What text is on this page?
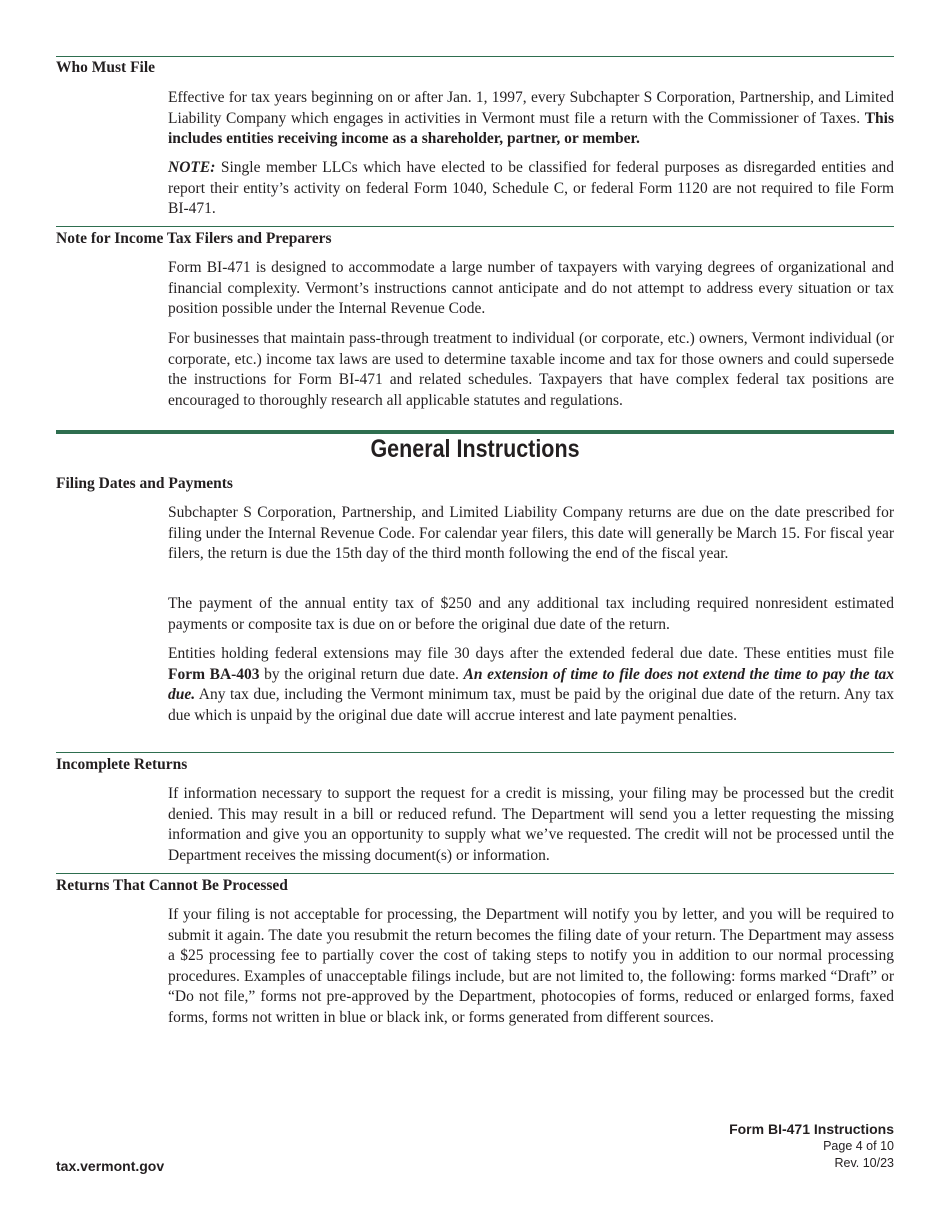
Who Must File

Effective for tax years beginning on or after Jan. 1, 1997, every Subchapter S Corporation, Partnership, and Limited Liability Company which engages in activities in Vermont must file a return with the Commissioner of Taxes. This includes entities receiving income as a shareholder, partner, or member.

NOTE: Single member LLCs which have elected to be classified for federal purposes as disregarded entities and report their entity’s activity on federal Form 1040, Schedule C, or federal Form 1120 are not required to file Form BI-471.

Note for Income Tax Filers and Preparers

Form BI-471 is designed to accommodate a large number of taxpayers with varying degrees of organizational and financial complexity. Vermont’s instructions cannot anticipate and do not attempt to address every situation or tax position possible under the Internal Revenue Code.

For businesses that maintain pass-through treatment to individual (or corporate, etc.) owners, Vermont individual (or corporate, etc.) income tax laws are used to determine taxable income and tax for those owners and could supersede the instructions for Form BI-471 and related schedules. Taxpayers that have complex federal tax positions are encouraged to thoroughly research all applicable statutes and regulations.

General Instructions
Filing Dates and Payments

Subchapter S Corporation, Partnership, and Limited Liability Company returns are due on the date prescribed for filing under the Internal Revenue Code. For calendar year filers, this date will generally be March 15. For fiscal year filers, the return is due the 15th day of the third month following the end of the fiscal year.

The payment of the annual entity tax of $250 and any additional tax including required nonresident estimated payments or composite tax is due on or before the original due date of the return.

Entities holding federal extensions may file 30 days after the extended federal due date. These entities must file Form BA-403 by the original return due date. An extension of time to file does not extend the time to pay the tax due. Any tax due, including the Vermont minimum tax, must be paid by the original due date of the return. Any tax due which is unpaid by the original due date will accrue interest and late payment penalties.

Incomplete Returns

If information necessary to support the request for a credit is missing, your filing may be processed but the credit denied. This may result in a bill or reduced refund. The Department will send you a letter requesting the missing information and give you an opportunity to supply what we’ve requested. The credit will not be processed until the Department receives the missing document(s) or information.

Returns That Cannot Be Processed

If your filing is not acceptable for processing, the Department will notify you by letter, and you will be required to submit it again. The date you resubmit the return becomes the filing date of your return. The Department may assess a $25 processing fee to partially cover the cost of taking steps to notify you in addition to our normal processing procedures. Examples of unacceptable filings include, but are not limited to, the following: forms marked “Draft” or “Do not file,” forms not pre-approved by the Department, photocopies of forms, reduced or enlarged forms, faxed forms, forms not written in blue or black ink, or forms generated from different sources.

tax.vermont.gov
Form BI-471 Instructions
Page 4 of 10
Rev. 10/23
